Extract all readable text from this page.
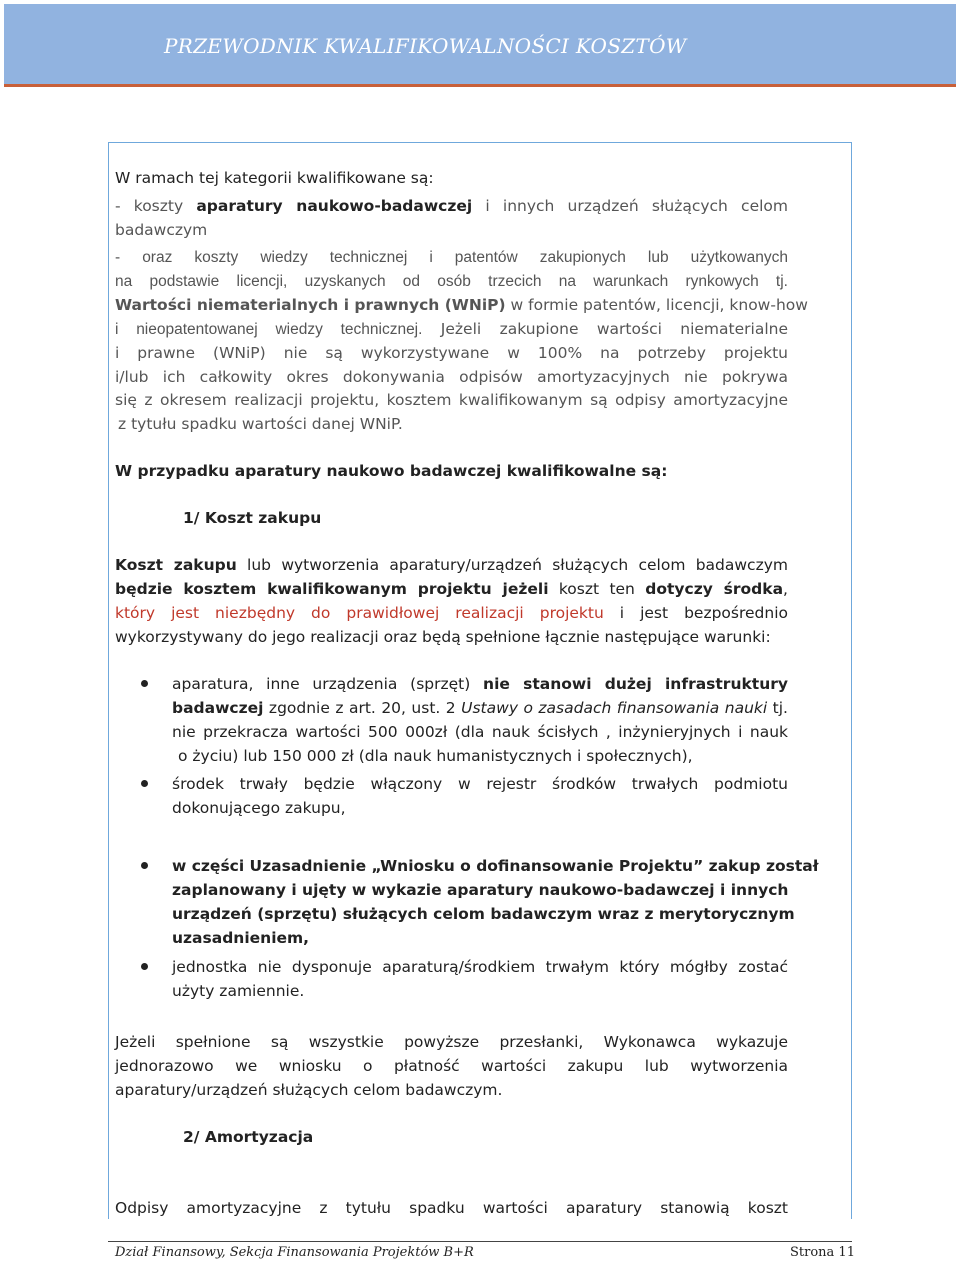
PRZEWODNIK KWALIFIKOWALNOŚCI KOSZTÓW
W ramach tej kategorii kwalifikowane są:
- koszty aparatury naukowo-badawczej i innych urządzeń służących celom
badawczym
- oraz koszty wiedzy technicznej i patentów zakupionych lub użytkowanych
na podstawie licencji, uzyskanych od osób trzecich na warunkach rynkowych tj.
Wartości niematerialnych i prawnych (WNiP) w formie patentów, licencji, know-how
i nieopatentowanej wiedzy technicznej. Jeżeli zakupione wartości niematerialne
i prawne (WNiP) nie są wykorzystywane w 100% na potrzeby projektu
i/lub ich całkowity okres dokonywania odpisów amortyzacyjnych nie pokrywa
się z okresem realizacji projektu, kosztem kwalifikowanym są odpisy amortyzacyjne
z tytułu spadku wartości danej WNiP.
W przypadku aparatury naukowo badawczej kwalifikowalne są:
1/ Koszt zakupu
Koszt zakupu lub wytworzenia aparatury/urządzeń służących celom badawczym
będzie kosztem kwalifikowanym projektu jeżeli koszt ten dotyczy środka,
który jest niezbędny do prawidłowej realizacji projektu i jest bezpośrednio
wykorzystywany do jego realizacji oraz będą spełnione łącznie następujące warunki:
aparatura, inne urządzenia (sprzęt) nie stanowi dużej infrastruktury
badawczej zgodnie z art. 20, ust. 2 Ustawy o zasadach finansowania nauki tj.
nie przekracza wartości 500 000zł (dla nauk ścisłych , inżynieryjnych i nauk
o życiu) lub 150 000 zł (dla nauk humanistycznych i społecznych),
środek trwały będzie włączony w rejestr środków trwałych podmiotu
dokonującego zakupu,
w części Uzasadnienie „Wniosku o dofinansowanie Projektu” zakup został
zaplanowany i ujęty w wykazie aparatury naukowo-badawczej i innych
urządzeń (sprzętu) służących celom badawczym wraz z merytorycznym
uzasadnieniem,
jednostka nie dysponuje aparaturą/środkiem trwałym który mógłby zostać
użyty zamiennie.
Jeżeli spełnione są wszystkie powyższe przesłanki, Wykonawca wykazuje
jednorazowo we wniosku o płatność wartości zakupu lub wytworzenia
aparatury/urządzeń służących celom badawczym.
2/ Amortyzacja
Odpisy amortyzacyjne z tytułu spadku wartości aparatury stanowią koszt
Dział Finansowy, Sekcja Finansowania Projektów B+R	Strona 11
